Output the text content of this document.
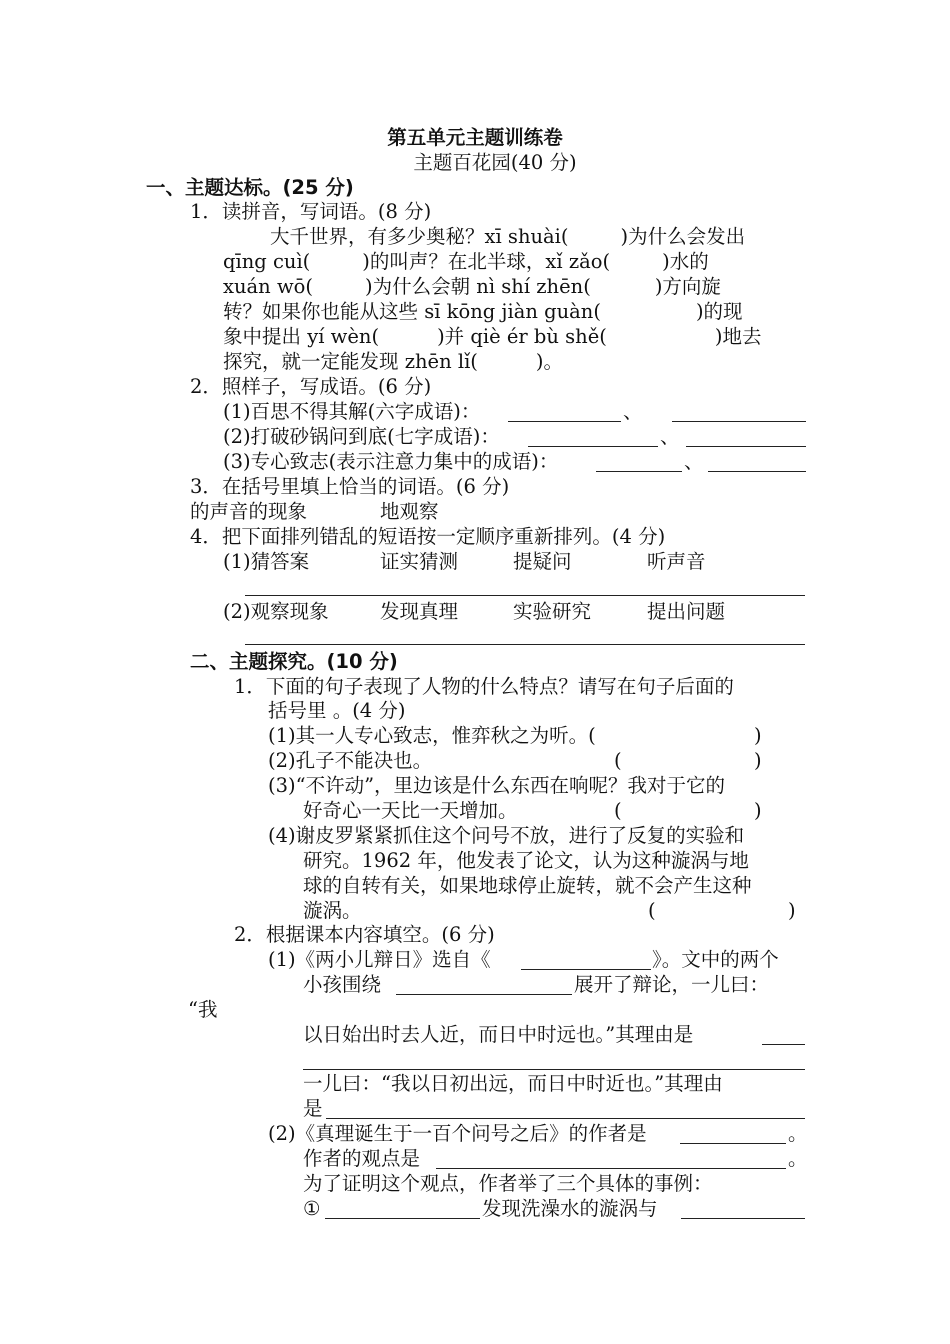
第五单元主题训练卷
主题百花园(40 分)
一、主题达标。(25 分)
1．读拼音，写词语。(8 分)
大千世界，有多少奥秘？xī shuài(	)为什么会发出
qīng cuì(	)的叫声？在北半球，xǐ zǎo(	)水的
xuán wō(	)为什么会朝 nì shí zhēn(	)方向旋
转？如果你也能从这些 sī kōng jiàn guàn(	)的现
象中提出 yí wèn(	)并 qiè ér bù shě(	)地去
探究，就一定能发现 zhēn lǐ(	)。
2．照样子，写成语。(6 分)
(1)百思不得其解(六字成语)：	、
(2)打破砂锅问到底(七字成语)：	、
(3)专心致志(表示注意力集中的成语)：	、
3．在括号里填上恰当的词语。(6 分)
的声音的现象	地观察
4．把下面排列错乱的短语按一定顺序重新排列。(4 分)
(1)猜答案	证实猜测	提疑问	听声音
(2)观察现象	发现真理	实验研究	提出问题
二、主题探究。(10 分)
1．下面的句子表现了人物的什么特点？请写在句子后面的
括号里 。(4 分)
(1)其一人专心致志，惟弈秋之为听。(	)
(2)孔子不能决也。	(	)
(3)“不许动”，里边该是什么东西在响呢？我对于它的
好奇心一天比一天增加。	(	)
(4)谢皮罗紧紧抓住这个问号不放，进行了反复的实验和
研究。1962 年，他发表了论文，认为这种漩涡与地
球的自转有关，如果地球停止旋转，就不会产生这种
漩涡。	(	)
2．根据课本内容填空。(6 分)
(1)《两小儿辩日》选自《	》。文中的两个
小孩围绕	展开了辩论，一儿曰：
“我
以日始出时去人近，而日中时远也。”其理由是
一儿曰：“我以日初出远，而日中时近也。”其理由
是
(2)《真理诞生于一百个问号之后》的作者是	。
作者的观点是	。
为了证明这个观点，作者举了三个具体的事例：
①	发现洗澡水的漩涡与
